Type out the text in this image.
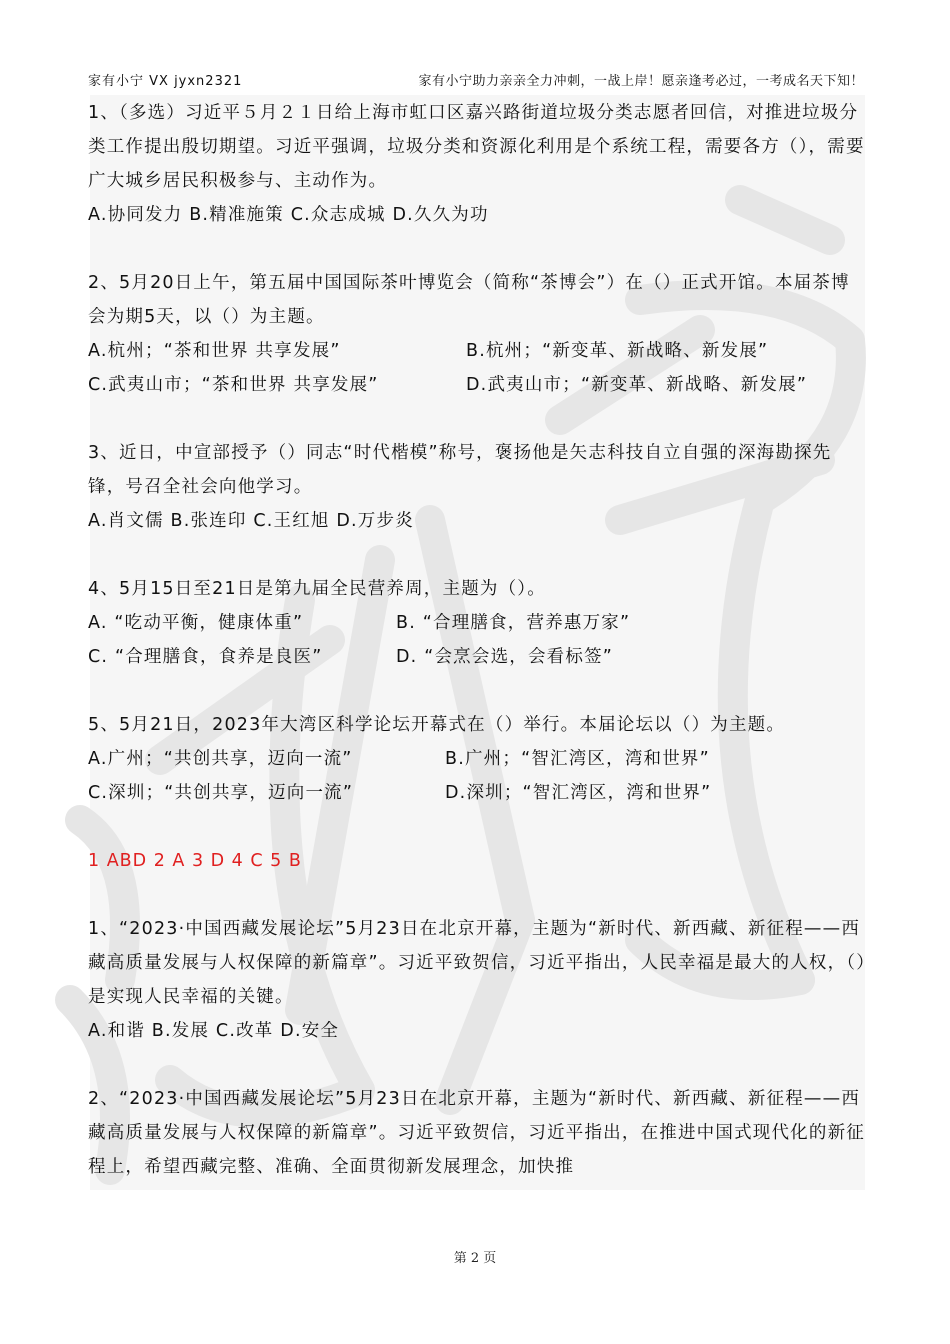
家有小宁 VX jyxn2321	家有小宁助力亲亲全力冲刺，一战上岸！愿亲逢考必过，一考成名天下知！

1、（多选）习近平５月２１日给上海市虹口区嘉兴路街道垃圾分类志愿者回信，对推进垃圾分类工作提出殷切期望。习近平强调，垃圾分类和资源化利用是个系统工程，需要各方（），需要广大城乡居民积极参与、主动作为。

A.协同发力 B.精准施策 C.众志成城 D.久久为功

2、5月20日上午，第五届中国国际茶叶博览会（简称“茶博会”）在（）正式开馆。本届茶博会为期5天，以（）为主题。

A.杭州；“茶和世界 共享发展”	B.杭州；“新变革、新战略、新发展”
C.武夷山市；“茶和世界 共享发展”	D.武夷山市；“新变革、新战略、新发展”

3、近日，中宣部授予（）同志“时代楷模”称号，褒扬他是矢志科技自立自强的深海勘探先锋，号召全社会向他学习。

A.肖文儒 B.张连印 C.王红旭 D.万步炎

4、5月15日至21日是第九届全民营养周，主题为（）。

A. “吃动平衡，健康体重”	B. “合理膳食，营养惠万家”
C. “合理膳食，食养是良医”	D. “会烹会选，会看标签”

5、5月21日，2023年大湾区科学论坛开幕式在（）举行。本届论坛以（）为主题。

A.广州；“共创共享，迈向一流”	B.广州；“智汇湾区，湾和世界”
C.深圳；“共创共享，迈向一流”	D.深圳；“智汇湾区，湾和世界”
1 ABD 2 A 3 D 4 C 5 B

1、“2023·中国西藏发展论坛”5月23日在北京开幕，主题为“新时代、新西藏、新征程——西藏高质量发展与人权保障的新篇章”。习近平致贺信，习近平指出，人民幸福是最大的人权，（）是实现人民幸福的关键。

A.和谐 B.发展 C.改革 D.安全

2、“2023·中国西藏发展论坛”5月23日在北京开幕，主题为“新时代、新西藏、新征程——西藏高质量发展与人权保障的新篇章”。习近平致贺信，习近平指出，在推进中国式现代化的新征程上，希望西藏完整、准确、全面贯彻新发展理念，加快推

第 2 页
